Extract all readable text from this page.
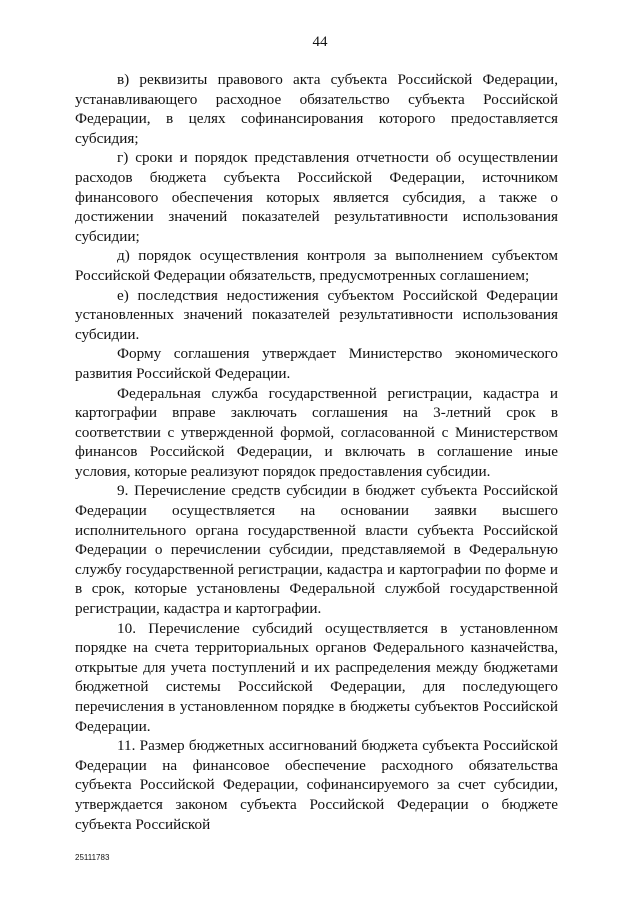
44

в) реквизиты правового акта субъекта Российской Федерации, устанавливающего расходное обязательство субъекта Российской Федерации, в целях софинансирования которого предоставляется субсидия;

г) сроки и порядок представления отчетности об осуществлении расходов бюджета субъекта Российской Федерации, источником финансового обеспечения которых является субсидия, а также о достижении значений показателей результативности использования субсидии;

д) порядок осуществления контроля за выполнением субъектом Российской Федерации обязательств, предусмотренных соглашением;

е) последствия недостижения субъектом Российской Федерации установленных значений показателей результативности использования субсидии.

Форму соглашения утверждает Министерство экономического развития Российской Федерации.

Федеральная служба государственной регистрации, кадастра и картографии вправе заключать соглашения на 3-летний срок в соответствии с утвержденной формой, согласованной с Министерством финансов Российской Федерации, и включать в соглашение иные условия, которые реализуют порядок предоставления субсидии.

9. Перечисление средств субсидии в бюджет субъекта Российской Федерации осуществляется на основании заявки высшего исполнительного органа государственной власти субъекта Российской Федерации о перечислении субсидии, представляемой в Федеральную службу государственной регистрации, кадастра и картографии по форме и в срок, которые установлены Федеральной службой государственной регистрации, кадастра и картографии.

10. Перечисление субсидий осуществляется в установленном порядке на счета территориальных органов Федерального казначейства, открытые для учета поступлений и их распределения между бюджетами бюджетной системы Российской Федерации, для последующего перечисления в установленном порядке в бюджеты субъектов Российской Федерации.

11. Размер бюджетных ассигнований бюджета субъекта Российской Федерации на финансовое обеспечение расходного обязательства субъекта Российской Федерации, софинансируемого за счет субсидии, утверждается законом субъекта Российской Федерации о бюджете субъекта Российской

25111783
